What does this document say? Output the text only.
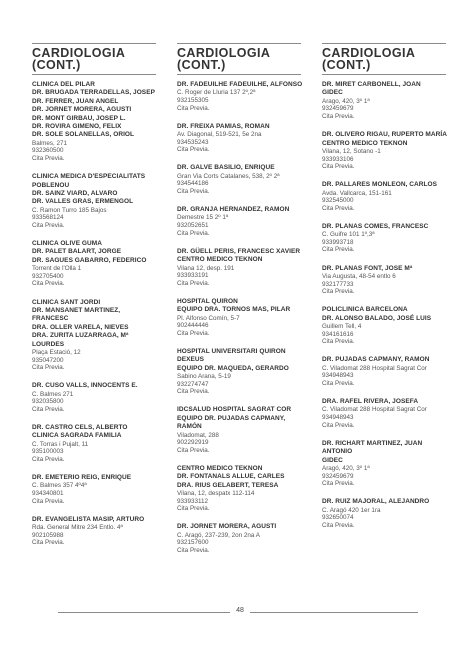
CARDIOLOGIA
(CONT.)
CLINICA DEL PILAR
DR. BRUGADA TERRADELLAS, JOSEP
DR. FERRER, JUAN ANGEL
DR. JORNET MORERA, AGUSTI
DR. MONT GIRBAU, JOSEP L.
DR. ROVIRA GIMENO, FELIX
DR. SOLE SOLANELLAS, ORIOL
Balmes, 271
932360500
Cita Previa.
CLINICA MEDICA D'ESPECIALITATS
POBLENOU
DR. SAINZ VIARD, ALVARO
DR. VALLES GRAS, ERMENGOL
C. Ramon Turro 185 Bajos
933568124
Cita Previa.
CLINICA OLIVE GUMA
DR. PALET BALART, JORGE
DR. SAGUES GABARRO, FEDERICO
Torrent de l'Olla 1
932705400
Cita Previa.
CLINICA SANT JORDI
DR. MANSANET MARTINEZ,
FRANCESC
DRA. OLLER VARELA, NIEVES
DRA. ZURITA LUZARRAGA, Mª
LOURDES
Plaça Estació, 12
935047200
Cita Previa.
DR. CUSO VALLS, INNOCENTS E.
C. Balmes 271
932035800
Cita Previa.
DR. CASTRO CELS, ALBERTO
CLINICA SAGRADA FAMILIA
C. Torras i Pujalt, 11
935100003
Cita Previa.
DR. EMETERIO REIG, ENRIQUE
C. Balmes 357 4º4ª
934340801
Cita Previa.
DR. EVANGELISTA MASIP, ARTURO
Rda. General Mitre 234 Entlo. 4ª
902105988
Cita Previa.
CARDIOLOGIA
(CONT.)
DR. FADEUILHE FADEUILHE, ALFONSO
C. Roger de Lluria 137 2º,2ª
932155305
Cita Previa.
DR. FREIXA PAMIAS, ROMAN
Av. Diagonal, 519-521, 5e 2na
934535243
Cita Previa.
DR. GALVE BASILIO, ENRIQUE
Gran Via Corts Catalanes, 538, 2º 2ª
934544186
Cita Previa.
DR. GRANJA HERNANDEZ, RAMON
Demestre 15 2º 1ª
932052651
Cita Previa.
DR. GÜELL PERIS, FRANCESC XAVIER
CENTRO MEDICO TEKNON
Vilana 12, desp. 191
933933191
Cita Previa.
HOSPITAL QUIRON
EQUIPO DRA. TORNOS MAS, PILAR
Pl. Alfonso Comín, 5-7
902444446
Cita Previa.
HOSPITAL UNIVERSITARI QUIRON
DEXEUS
EQUIPO DR. MAQUEDA, GERARDO
Sabino Arana, 5-19
932274747
Cita Previa.
IDCSALUD HOSPITAL SAGRAT COR
EQUIPO DR. PUJADAS CAPMANY,
RAMÓN
Viladomat, 288
902292919
Cita Previa.
CENTRO MEDICO TEKNON
DR. FONTANALS ALLUE, CARLES
DRA. RIUS GELABERT, TERESA
Vilana, 12, despatx 112-114
933933112
Cita Previa.
DR. JORNET MORERA, AGUSTI
C. Aragó, 237-239, 2on 2na A
932157600
Cita Previa.
CARDIOLOGIA
(CONT.)
DR. MIRET CARBONELL, JOAN
GIDEC
Arago, 420, 3º 1ª
932459679
Cita Previa.
DR. OLIVERO RIGAU, RUPERTO MARÍA
CENTRO MEDICO TEKNON
Vilana, 12, Sotano -1
933933106
Cita Previa.
DR. PALLARES MONLEON, CARLOS
Avda. Vallcarca, 151-161
932545000
Cita Previa.
DR. PLANAS COMES, FRANCESC
C. Guifre 101 1º,3ª
933993718
Cita Previa.
DR. PLANAS FONT, JOSE Mª
Via Augusta, 48-54 entlo 6
932177733
Cita Previa.
POLICLINICA BARCELONA
DR. ALONSO BALADO, JOSÉ LUIS
Guillem Tell, 4
934161616
Cita Previa.
DR. PUJADAS CAPMANY, RAMON
C. Viladomat 288 Hospital Sagrat Cor
934948943
Cita Previa.
DRA. RAFEL RIVERA, JOSEFA
C. Viladomat 288 Hospital Sagrat Cor
934948943
Cita Previa.
DR. RICHART MARTINEZ, JUAN
ANTONIO
GIDEC
Aragó, 420, 3º 1ª
932459679
Cita Previa.
DR. RUIZ MAJORAL, ALEJANDRO
C. Aragó 420 1er 1ra
932650074
Cita Previa.
48
